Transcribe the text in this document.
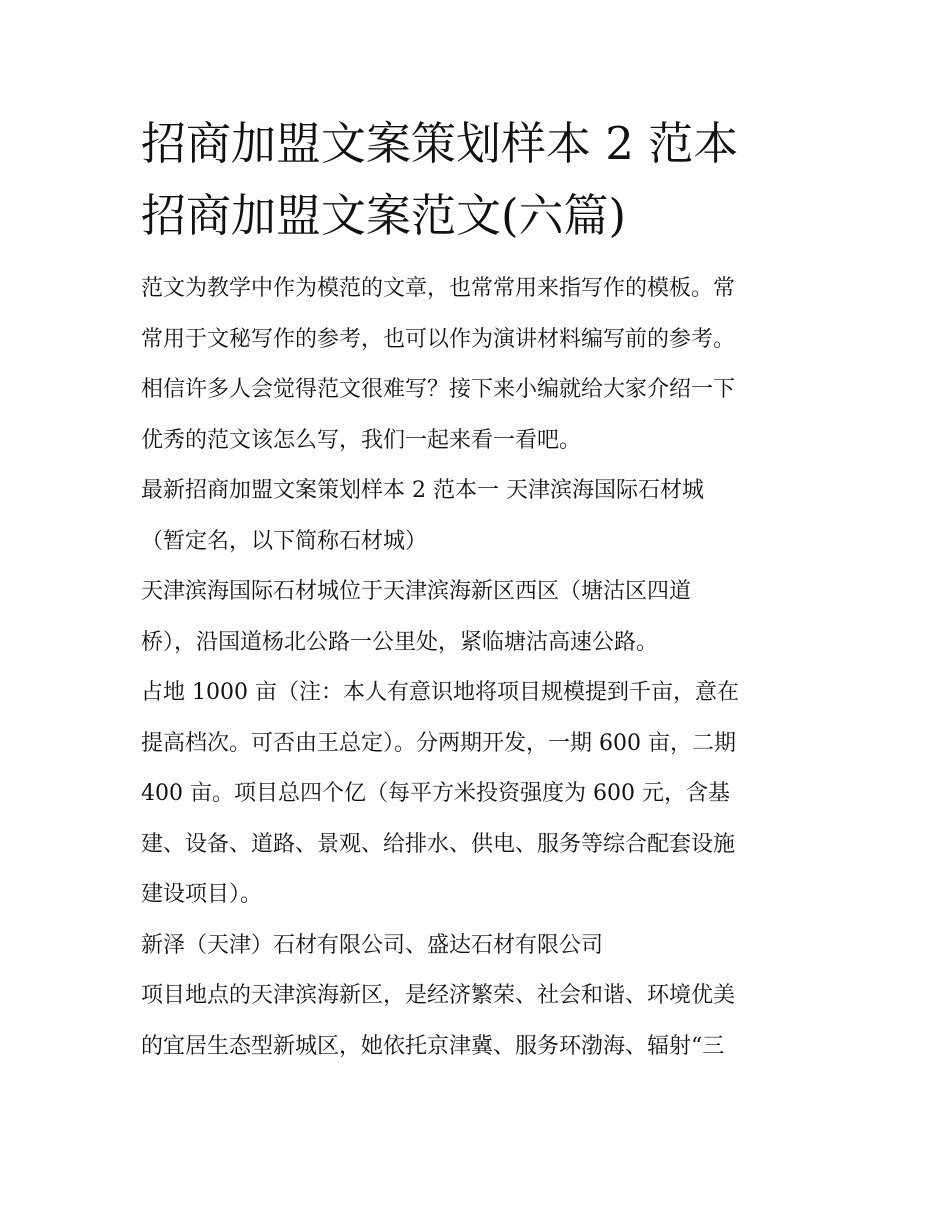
招商加盟文案策划样本 2 范本
招商加盟文案范文(六篇)

范文为教学中作为模范的文章，也常常用来指写作的模板。常
常用于文秘写作的参考，也可以作为演讲材料编写前的参考。
相信许多人会觉得范文很难写？接下来小编就给大家介绍一下
优秀的范文该怎么写，我们一起来看一看吧。

最新招商加盟文案策划样本 2 范本一 天津滨海国际石材城
（暂定名，以下简称石材城）

天津滨海国际石材城位于天津滨海新区西区（塘沽区四道
桥），沿国道杨北公路一公里处，紧临塘沽高速公路。

占地 1000 亩（注：本人有意识地将项目规模提到千亩，意在
提高档次。可否由王总定）。分两期开发，一期 600 亩，二期
400 亩。项目总四个亿（每平方米投资强度为 600 元，含基
建、设备、道路、景观、给排水、供电、服务等综合配套设施
建设项目）。

新泽（天津）石材有限公司、盛达石材有限公司

项目地点的天津滨海新区，是经济繁荣、社会和谐、环境优美
的宜居生态型新城区，她依托京津冀、服务环渤海、辐射“三
